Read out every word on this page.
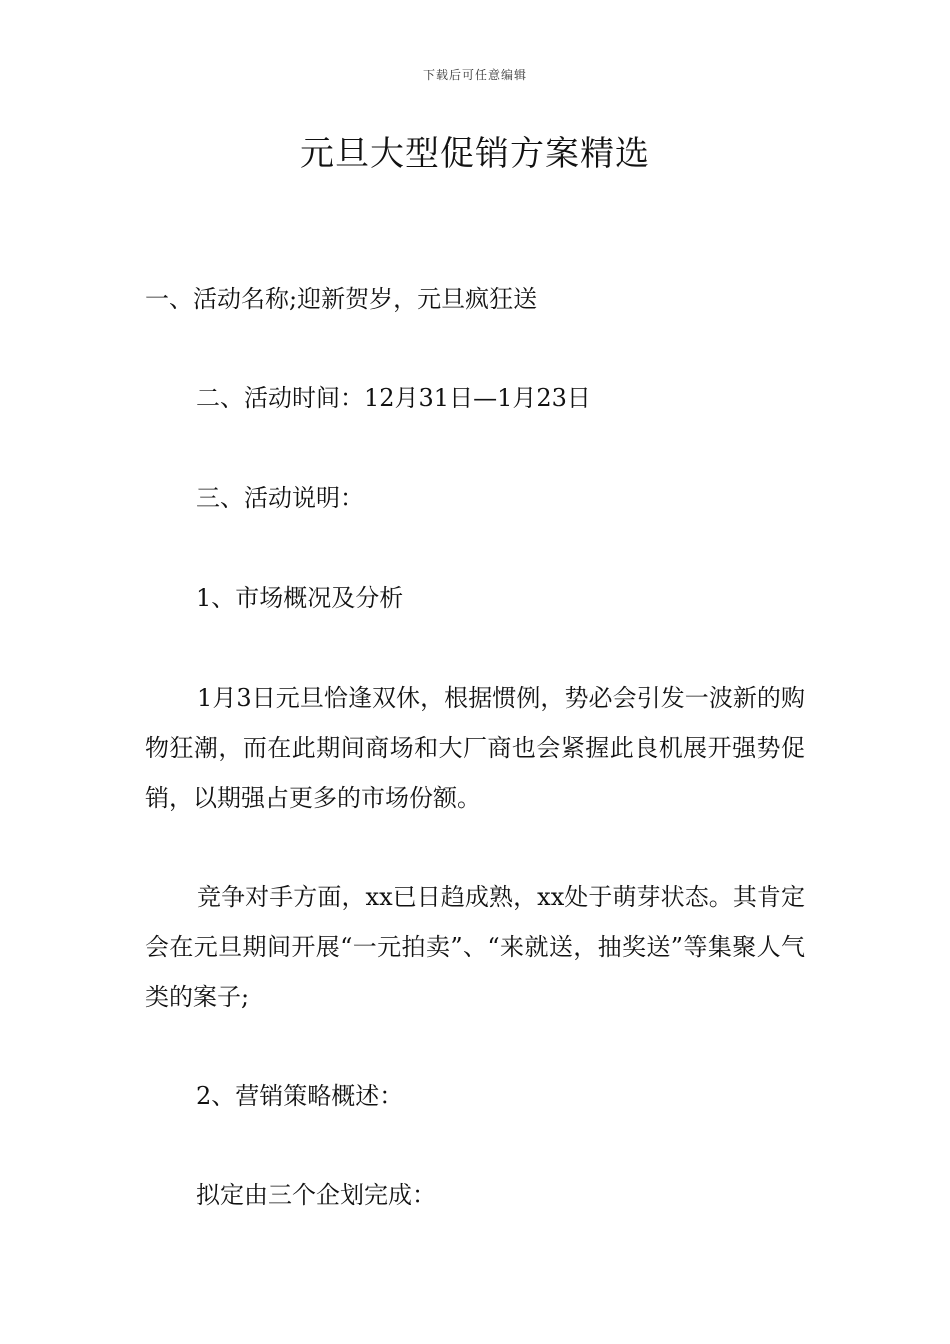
下载后可任意编辑
元旦大型促销方案精选

一、活动名称;迎新贺岁，元旦疯狂送

二、活动时间：12月31日—1月23日

三、活动说明：

1、市场概况及分析

1月3日元旦恰逢双休，根据惯例，势必会引发一波新的购物狂潮，而在此期间商场和大厂商也会紧握此良机展开强势促销，以期强占更多的市场份额。

竞争对手方面，xx已日趋成熟，xx处于萌芽状态。其肯定会在元旦期间开展“一元拍卖”、“来就送，抽奖送”等集聚人气类的案子;

2、营销策略概述：

拟定由三个企划完成：
